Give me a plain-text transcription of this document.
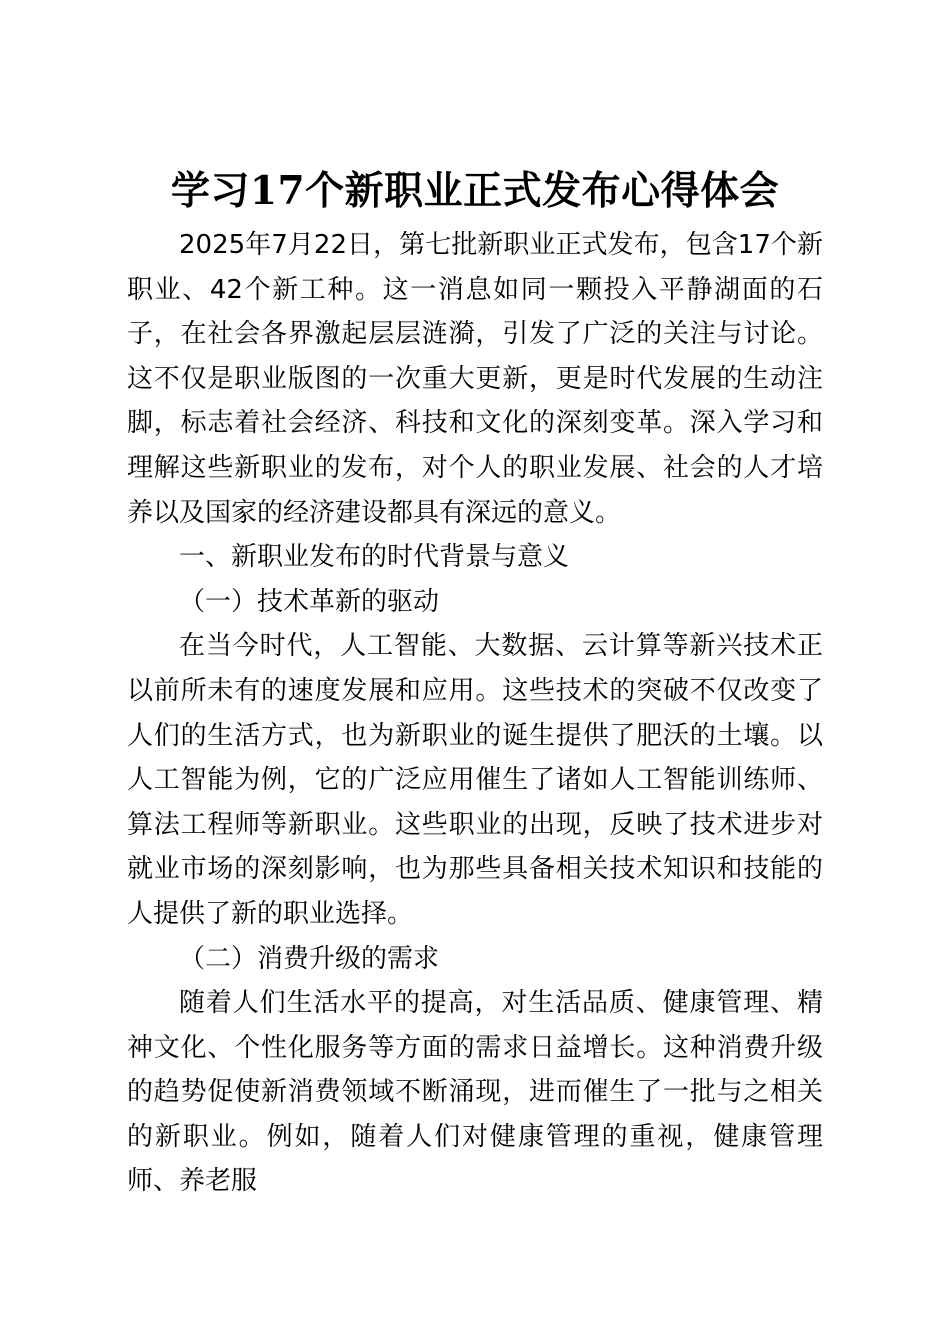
学习17个新职业正式发布心得体会

2025年7月22日，第七批新职业正式发布，包含17个新职业、42个新工种。这一消息如同一颗投入平静湖面的石子，在社会各界激起层层涟漪，引发了广泛的关注与讨论。这不仅是职业版图的一次重大更新，更是时代发展的生动注脚，标志着社会经济、科技和文化的深刻变革。深入学习和理解这些新职业的发布，对个人的职业发展、社会的人才培养以及国家的经济建设都具有深远的意义。

一、新职业发布的时代背景与意义

（一）技术革新的驱动

在当今时代，人工智能、大数据、云计算等新兴技术正以前所未有的速度发展和应用。这些技术的突破不仅改变了人们的生活方式，也为新职业的诞生提供了肥沃的土壤。以人工智能为例，它的广泛应用催生了诸如人工智能训练师、算法工程师等新职业。这些职业的出现，反映了技术进步对就业市场的深刻影响，也为那些具备相关技术知识和技能的人提供了新的职业选择。

（二）消费升级的需求

随着人们生活水平的提高，对生活品质、健康管理、精神文化、个性化服务等方面的需求日益增长。这种消费升级的趋势促使新消费领域不断涌现，进而催生了一批与之相关的新职业。例如，随着人们对健康管理的重视，健康管理师、养老服
